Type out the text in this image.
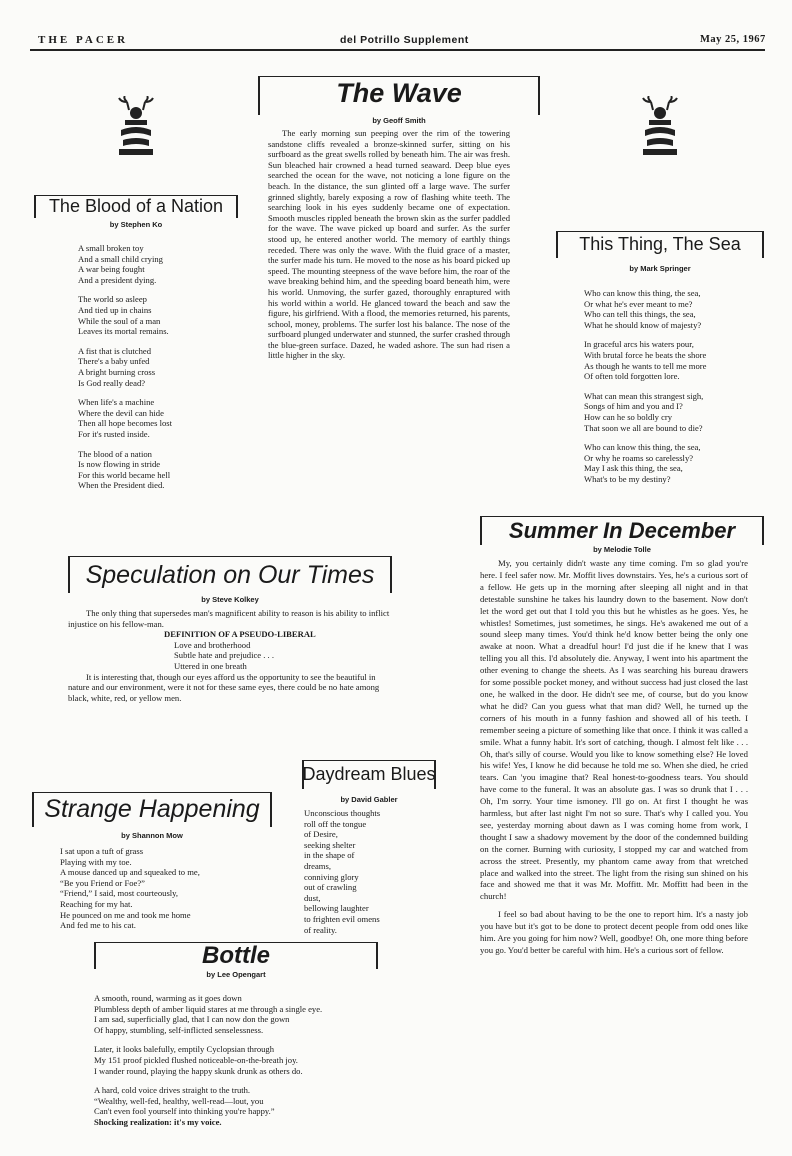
THE PACER	del Potrillo Supplement	May 25, 1967
The Wave
by Geoff Smith
The early morning sun peeping over the rim of the towering sandstone cliffs revealed a bronze-skinned surfer, sitting on his surfboard as the great swells rolled by beneath him. The air was fresh. Sun bleached hair crowned a head turned seaward. Deep blue eyes searched the ocean for the wave, not noticing a lone figure on the beach. In the distance, the sun glinted off a large wave. The surfer grinned slightly, barely exposing a row of flashing white teeth. The searching look in his eyes suddenly became one of expectation. Smooth muscles rippled beneath the brown skin as the surfer paddled for the wave. The wave picked up board and surfer. As the surfer stood up, he entered another world. The memory of earthly things receded. There was only the wave. With the fluid grace of a master, the surfer made his turn. He moved to the nose as his board picked up speed. The mounting steepness of the wave before him, the roar of the wave breaking behind him, and the speeding board beneath him, were his world. Unmoving, the surfer gazed, thoroughly enraptured with his world within a world. He glanced toward the beach and saw the figure, his girlfriend. With a flood, the memories returned, his parents, school, money, problems. The surfer lost his balance. The nose of the surfboard plunged underwater and stunned, the surfer crashed through the blue-green surface. Dazed, he waded ashore. The sun had risen a little higher in the sky.
The Blood of a Nation
by Stephen Ko

A small broken toy
And a small child crying
A war being fought
And a president dying.

The world so asleep
And tied up in chains
While the soul of a man
Leaves its mortal remains.

A fist that is clutched
There's a baby unfed
A bright burning cross
Is God really dead?

When life's a machine
Where the devil can hide
Then all hope becomes lost
For it's rusted inside.

The blood of a nation
Is now flowing in stride
For this world became hell
When the President died.

This Thing, The Sea
by Mark Springer

Who can know this thing, the sea,
Or what he's ever meant to me?
Who can tell this things, the sea,
What he should know of majesty?

In graceful arcs his waters pour,
With brutal force he beats the shore
As though he wants to tell me more
Of often told forgotten lore.

What can mean this strangest sigh,
Songs of him and you and I?
How can he so boldly cry
That soon we all are bound to die?

Who can know this thing, the sea,
Or why he roams so carelessly?
May I ask this thing, the sea,
What's to be my destiny?

Speculation on Our Times
by Steve Kolkey
The only thing that supersedes man's magnificent ability to reason is his ability to inflict injustice on his fellow-man.
DEFINITION OF A PSEUDO-LIBERAL
Love and brotherhood
Subtle hate and prejudice . . .
Uttered in one breath
It is interesting that, though our eyes afford us the opportunity to see the beautiful in nature and our environment, were it not for these same eyes, there could be no hate among black, white, red, or yellow men.
Daydream Blues
by David Gabler
Unconscious thoughts
roll off the tongue
of Desire,
seeking shelter
in the shape of
dreams,
conniving glory
out of crawling
dust,
bellowing laughter
to frighten evil omens
of reality.
Strange Happening
by Shannon Mow
I sat upon a tuft of grass
Playing with my toe.
A mouse danced up and squeaked to me,
“Be you Friend or Foe?”
“Friend,” I said, most courteously,
Reaching for my hat.
He pounced on me and took me home
And fed me to his cat.
Bottle
by Lee Opengart

A smooth, round, warming as it goes down
Plumbless depth of amber liquid stares at me through a single eye.
I am sad, superficially glad, that I can now don the gown
Of happy, stumbling, self-inflicted senselessness.

Later, it looks balefully, emptily Cyclopsian through
My 151 proof pickled flushed noticeable-on-the-breath joy.
I wander round, playing the happy skunk drunk as others do.

A hard, cold voice drives straight to the truth.
“Wealthy, well-fed, healthy, well-read—lout, you
Can't even fool yourself into thinking you're happy.”
Shocking realization: it's my voice.

Summer In December
by Melodie Tolle
My, you certainly didn't waste any time coming. I'm so glad you're here. I feel safer now. Mr. Moffit lives downstairs. Yes, he's a curious sort of a fellow. He gets up in the morning after sleeping all night and in that detestable sunshine he takes his laundry down to the basement. Now don't let the word get out that I told you this but he whistles as he goes. Yes, he whistles! Sometimes, just sometimes, he sings. He's awakened me out of a sound sleep many times. You'd think he'd know better being the only one awake at noon. What a dreadful hour! I'd just die if he knew that I was telling you all this. I'd absolutely die. Anyway, I went into his apartment the other evening to change the sheets. As I was searching his bureau drawers for some possible pocket money, and without success had just closed the last one, he walked in the door. He didn't see me, of course, but do you know what he did? Can you guess what that man did? Well, he turned up the corners of his mouth in a funny fashion and showed all of his teeth. I remember seeing a picture of something like that once. I think it was called a smile. What a funny habit. It's sort of catching, though. I almost felt like . . . Oh, that's silly of course. Would you like to know something else? He loved his wife! Yes, I know he did because he told me so. When she died, he cried tears. Can 'you imagine that? Real honest-to-goodness tears. You should have come to the funeral. It was an absolute gas. I was so drunk that I . . . Oh, I'm sorry. Your time ismoney. I'll go on. At first I thought he was harmless, but after last night I'm not so sure. That's why I called you. You see, yesterday morning about dawn as I was coming home from work, I thought I saw a shadowy movement by the door of the condemned building on the corner. Burning with curiosity, I stopped my car and watched from across the street. Presently, my phantom came away from that wretched place and walked into the street. The light from the rising sun shined on his face and showed me that it was Mr. Moffitt. Mr. Moffitt had been in the church!
I feel so bad about having to be the one to report him. It's a nasty job you have but it's got to be done to protect decent people from odd ones like him. Are you going for him now? Well, goodbye! Oh, one more thing before you go. You'd better be careful with him. He's a curious sort of fellow.
